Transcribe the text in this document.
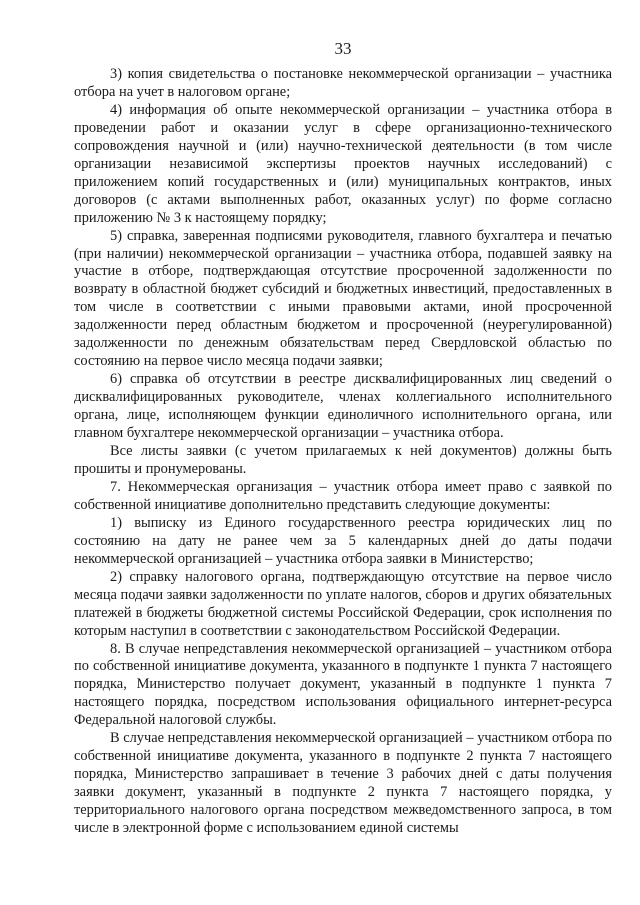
33

3) копия свидетельства о постановке некоммерческой организации – участника отбора на учет в налоговом органе;

4) информация об опыте некоммерческой организации – участника отбора в проведении работ и оказании услуг в сфере организационно-технического сопровождения научной и (или) научно-технической деятельности (в том числе организации независимой экспертизы проектов научных исследований) с приложением копий государственных и (или) муниципальных контрактов, иных договоров (с актами выполненных работ, оказанных услуг) по форме согласно приложению № 3 к настоящему порядку;

5) справка, заверенная подписями руководителя, главного бухгалтера и печатью (при наличии) некоммерческой организации – участника отбора, подавшей заявку на участие в отборе, подтверждающая отсутствие просроченной задолженности по возврату в областной бюджет субсидий и бюджетных инвестиций, предоставленных в том числе в соответствии с иными правовыми актами, иной просроченной задолженности перед областным бюджетом и просроченной (неурегулированной) задолженности по денежным обязательствам перед Свердловской областью по состоянию на первое число месяца подачи заявки;

6) справка об отсутствии в реестре дисквалифицированных лиц сведений о дисквалифицированных руководителе, членах коллегиального исполнительного органа, лице, исполняющем функции единоличного исполнительного органа, или главном бухгалтере некоммерческой организации – участника отбора.

Все листы заявки (с учетом прилагаемых к ней документов) должны быть прошиты и пронумерованы.

7. Некоммерческая организация – участник отбора имеет право с заявкой по собственной инициативе дополнительно представить следующие документы:

1) выписку из Единого государственного реестра юридических лиц по состоянию на дату не ранее чем за 5 календарных дней до даты подачи некоммерческой организацией – участника отбора заявки в Министерство;

2) справку налогового органа, подтверждающую отсутствие на первое число месяца подачи заявки задолженности по уплате налогов, сборов и других обязательных платежей в бюджеты бюджетной системы Российской Федерации, срок исполнения по которым наступил в соответствии с законодательством Российской Федерации.

8. В случае непредставления некоммерческой организацией – участником отбора по собственной инициативе документа, указанного в подпункте 1 пункта 7 настоящего порядка, Министерство получает документ, указанный в подпункте 1 пункта 7 настоящего порядка, посредством использования официального интернет-ресурса Федеральной налоговой службы.

В случае непредставления некоммерческой организацией – участником отбора по собственной инициативе документа, указанного в подпункте 2 пункта 7 настоящего порядка, Министерство запрашивает в течение 3 рабочих дней с даты получения заявки документ, указанный в подпункте 2 пункта 7 настоящего порядка, у территориального налогового органа посредством межведомственного запроса, в том числе в электронной форме с использованием единой системы
